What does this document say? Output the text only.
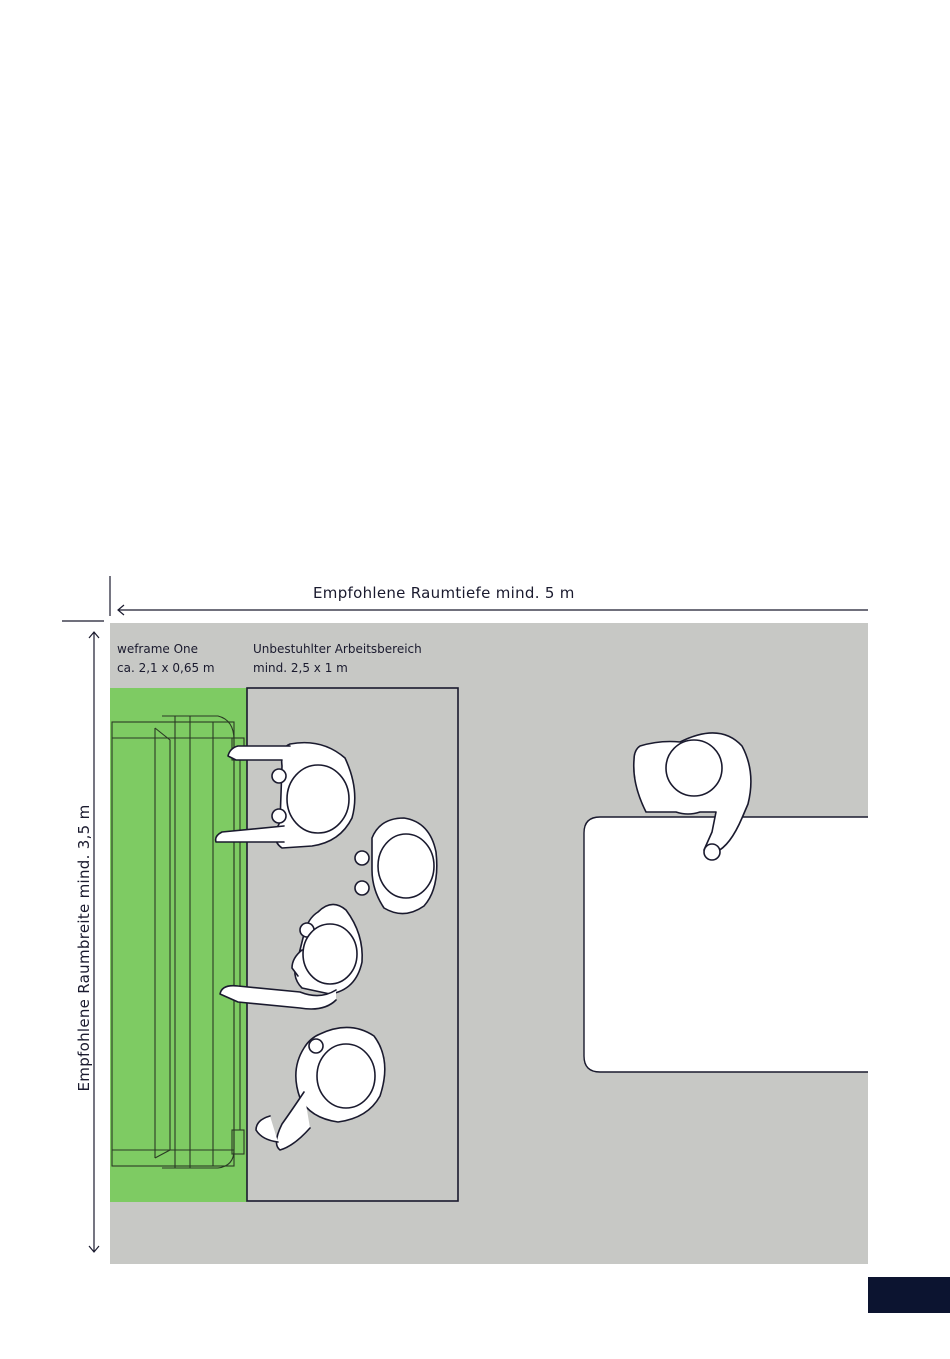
Empfohlene Raumtiefe mind. 5 m
Empfohlene Raumbreite mind. 3,5 m
weframe One
ca. 2,1 x 0,65 m
Unbestuhlter Arbeitsbereich
mind. 2,5 x 1 m
